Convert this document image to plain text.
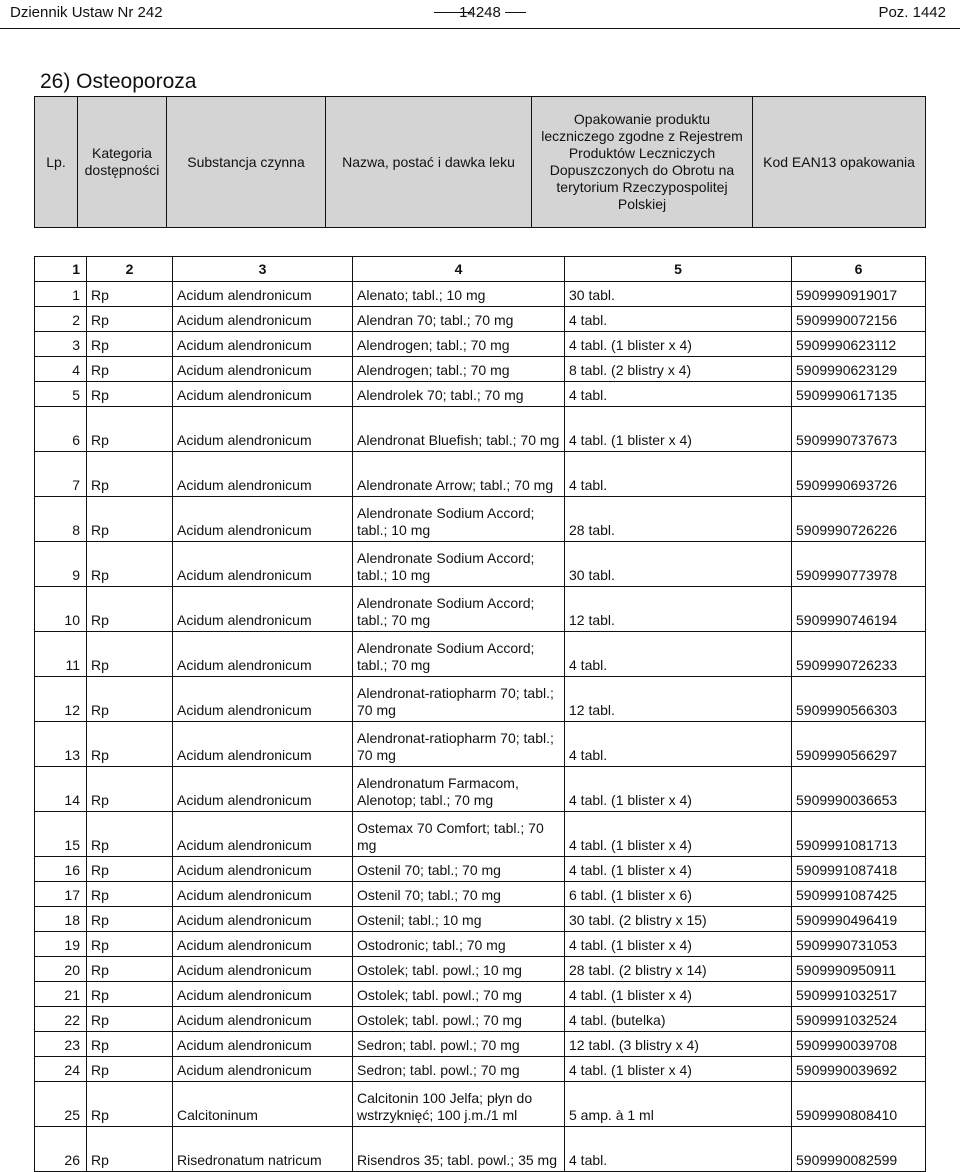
Dziennik Ustaw Nr 242	14248	Poz. 1442
26) Osteoporoza
Lp.	Kategoria dostępności	Substancja czynna	Nazwa, postać i dawka leku	Opakowanie produktu leczniczego zgodne z Rejestrem Produktów Leczniczych Dopuszczonych do Obrotu na terytorium Rzeczypospolitej Polskiej	Kod EAN13 opakowania
1	2	3	4	5	6
1	Rp	Acidum alendronicum	Alenato; tabl.; 10 mg	30 tabl.	5909990919017
2	Rp	Acidum alendronicum	Alendran 70; tabl.; 70 mg	4 tabl.	5909990072156
3	Rp	Acidum alendronicum	Alendrogen; tabl.; 70 mg	4 tabl. (1 blister x 4)	5909990623112
4	Rp	Acidum alendronicum	Alendrogen; tabl.; 70 mg	8 tabl. (2 blistry x 4)	5909990623129
5	Rp	Acidum alendronicum	Alendrolek 70; tabl.; 70 mg	4 tabl.	5909990617135
6	Rp	Acidum alendronicum	Alendronat Bluefish; tabl.; 70 mg	4 tabl. (1 blister x 4)	5909990737673
7	Rp	Acidum alendronicum	Alendronate Arrow; tabl.; 70 mg	4 tabl.	5909990693726
8	Rp	Acidum alendronicum	Alendronate Sodium Accord; tabl.; 10 mg	28 tabl.	5909990726226
9	Rp	Acidum alendronicum	Alendronate Sodium Accord; tabl.; 10 mg	30 tabl.	5909990773978
10	Rp	Acidum alendronicum	Alendronate Sodium Accord; tabl.; 70 mg	12 tabl.	5909990746194
11	Rp	Acidum alendronicum	Alendronate Sodium Accord; tabl.; 70 mg	4 tabl.	5909990726233
12	Rp	Acidum alendronicum	Alendronat-ratiopharm 70; tabl.; 70 mg	12 tabl.	5909990566303
13	Rp	Acidum alendronicum	Alendronat-ratiopharm 70; tabl.; 70 mg	4 tabl.	5909990566297
14	Rp	Acidum alendronicum	Alendronatum Farmacom, Alenotop; tabl.; 70 mg	4 tabl. (1 blister x 4)	5909990036653
15	Rp	Acidum alendronicum	Ostemax 70 Comfort; tabl.; 70 mg	4 tabl. (1 blister x 4)	5909991081713
16	Rp	Acidum alendronicum	Ostenil 70; tabl.; 70 mg	4 tabl. (1 blister x 4)	5909991087418
17	Rp	Acidum alendronicum	Ostenil 70; tabl.; 70 mg	6 tabl. (1 blister x 6)	5909991087425
18	Rp	Acidum alendronicum	Ostenil; tabl.; 10 mg	30 tabl. (2 blistry x 15)	5909990496419
19	Rp	Acidum alendronicum	Ostodronic; tabl.; 70 mg	4 tabl. (1 blister x 4)	5909990731053
20	Rp	Acidum alendronicum	Ostolek; tabl. powl.; 10 mg	28 tabl. (2 blistry x 14)	5909990950911
21	Rp	Acidum alendronicum	Ostolek; tabl. powl.; 70 mg	4 tabl. (1 blister x 4)	5909991032517
22	Rp	Acidum alendronicum	Ostolek; tabl. powl.; 70 mg	4 tabl. (butelka)	5909991032524
23	Rp	Acidum alendronicum	Sedron; tabl. powl.; 70 mg	12 tabl. (3 blistry x 4)	5909990039708
24	Rp	Acidum alendronicum	Sedron; tabl. powl.; 70 mg	4 tabl. (1 blister x 4)	5909990039692
25	Rp	Calcitoninum	Calcitonin 100 Jelfa; płyn do wstrzyknięć; 100 j.m./1 ml	5 amp. à 1 ml	5909990808410
26	Rp	Risedronatum natricum	Risendros 35; tabl. powl.; 35 mg	4 tabl.	5909990082599
